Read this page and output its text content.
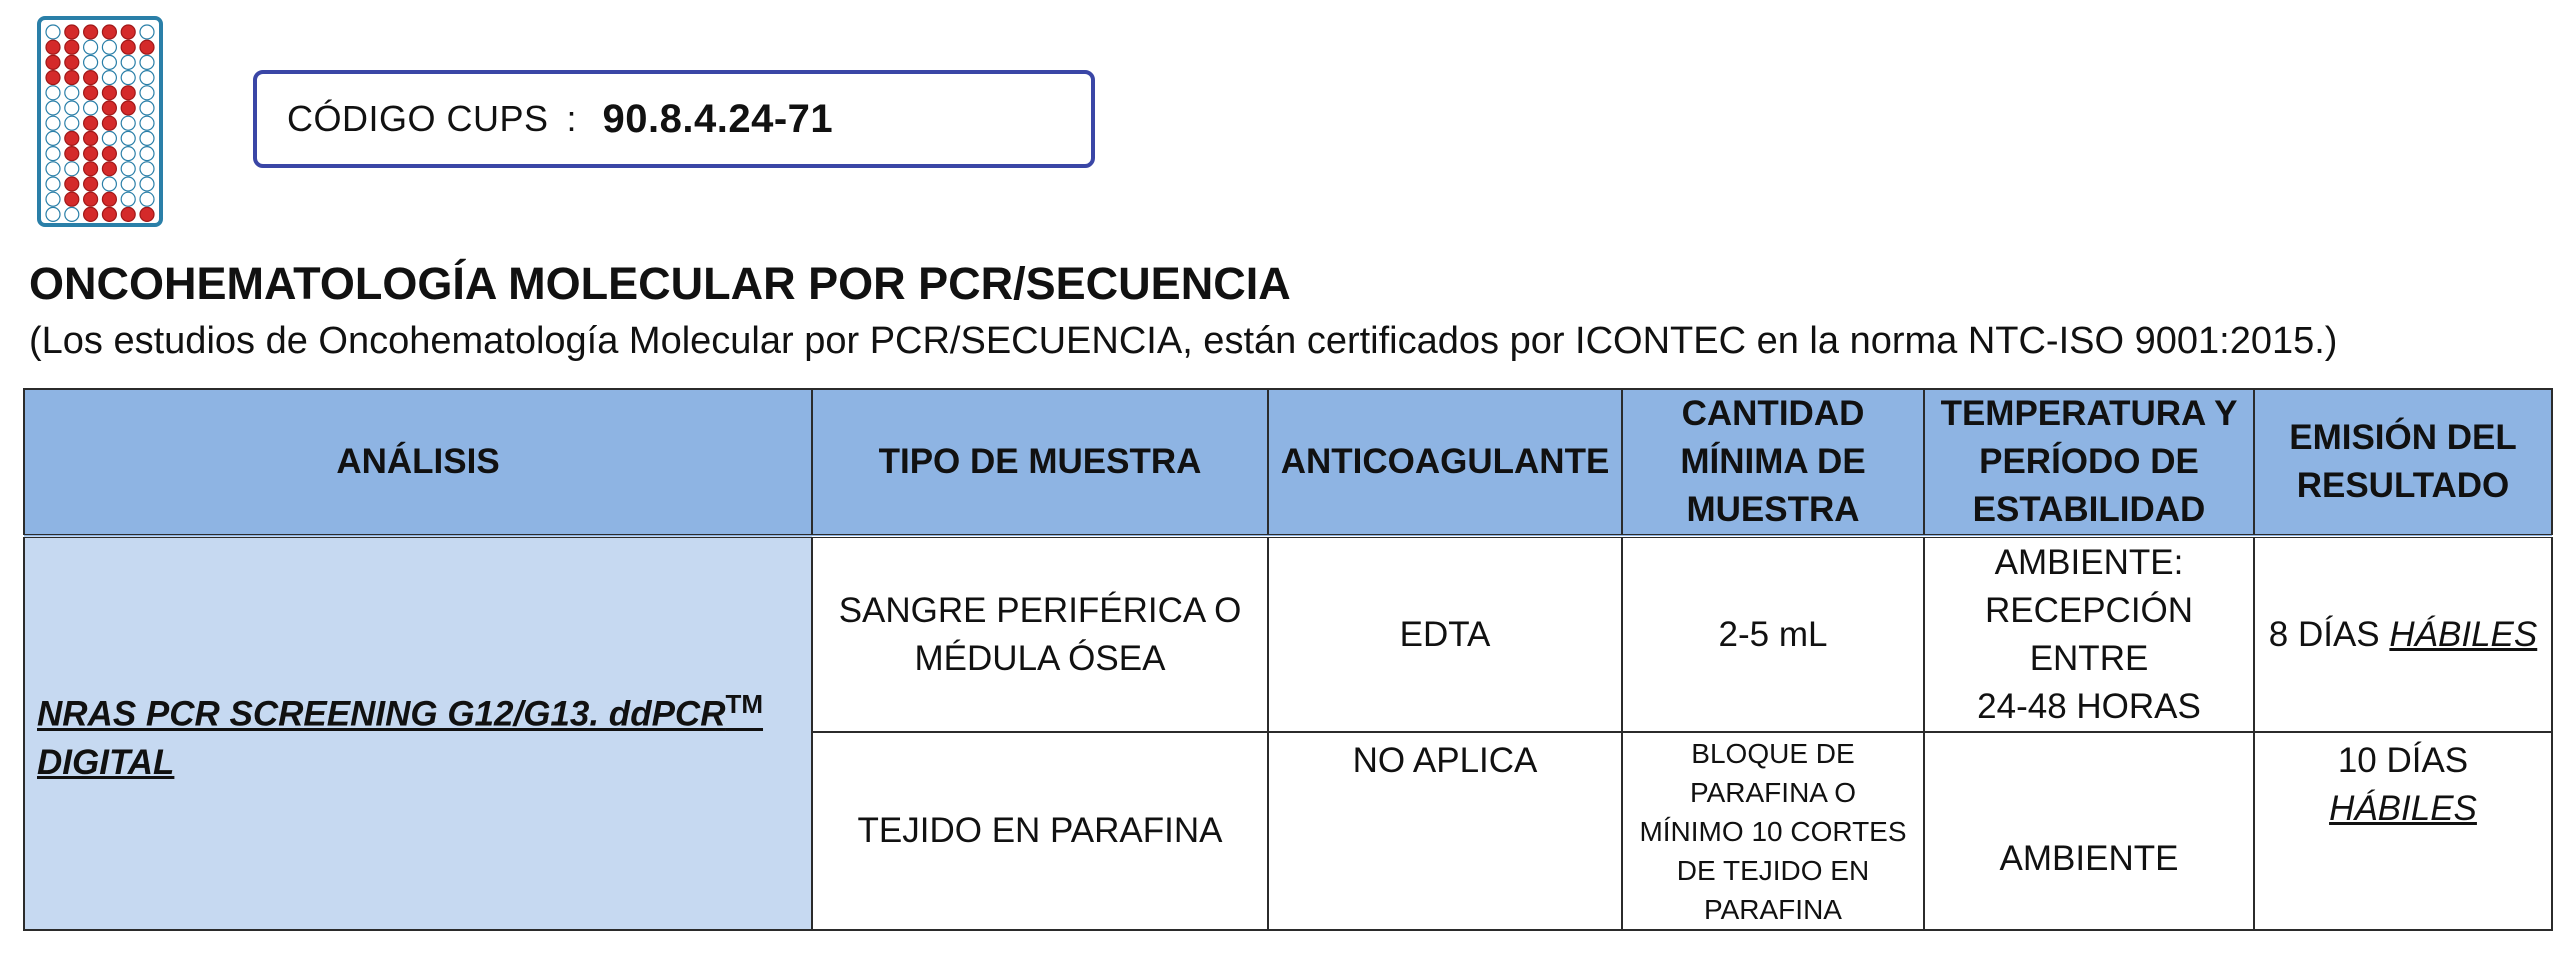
CÓDIGO CUPS : 90.8.4.24-71
ONCOHEMATOLOGÍA MOLECULAR POR PCR/SECUENCIA
(Los estudios de Oncohematología Molecular por PCR/SECUENCIA, están certificados por ICONTEC en la norma NTC-ISO 9001:2015.)
ANÁLISIS	TIPO DE MUESTRA	ANTICOAGULANTE	CANTIDAD
MÍNIMA DE
MUESTRA	TEMPERATURA Y
PERÍODO DE
ESTABILIDAD	EMISIÓN DEL
RESULTADO
NRAS PCR SCREENING G12/G13. ddPCR™
DIGITAL	SANGRE PERIFÉRICA O
MÉDULA ÓSEA	EDTA	2-5 mL	AMBIENTE:
RECEPCIÓN ENTRE
24-48 HORAS	8 DÍAS HÁBILES
	TEJIDO EN PARAFINA	NO APLICA	BLOQUE DE
PARAFINA O
MÍNIMO 10 CORTES
DE TEJIDO EN
PARAFINA	AMBIENTE	10 DÍAS HÁBILES
